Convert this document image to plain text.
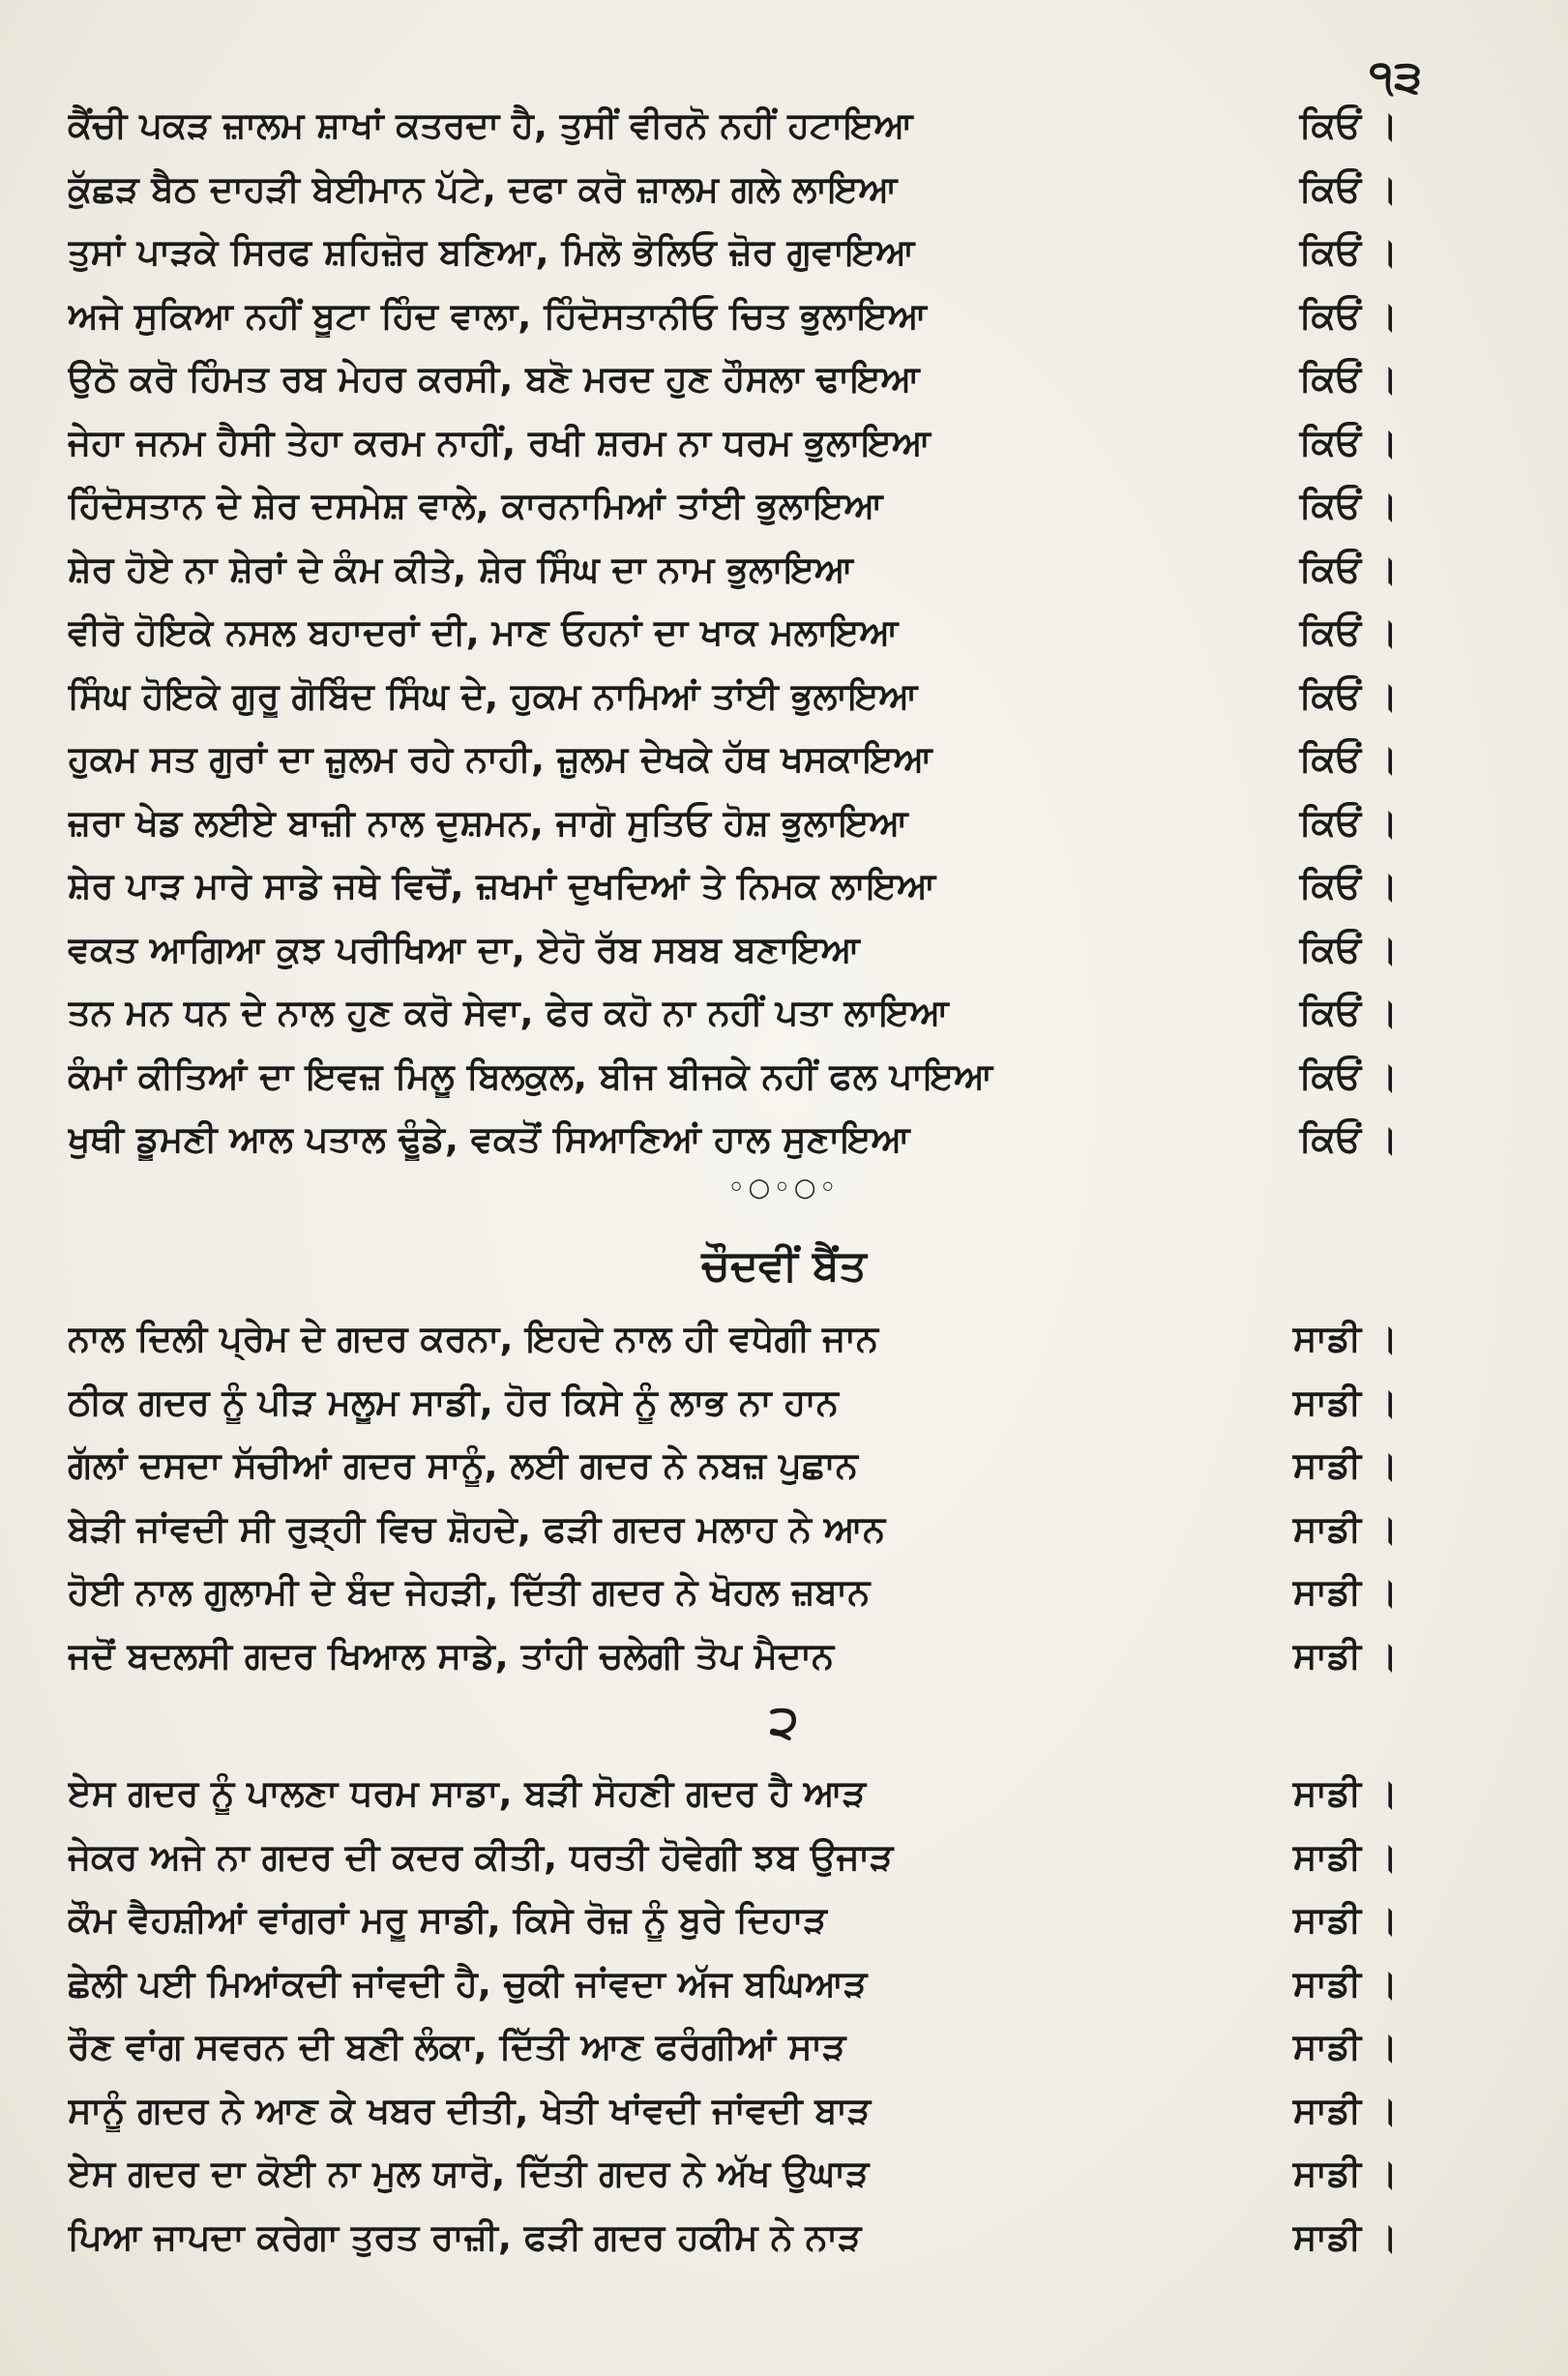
੧੩
ਕੈਂਚੀ ਪਕੜ ਜ਼ਾਲਮ ਸ਼ਾਖਾਂ ਕਤਰਦਾ ਹੈ, ਤੁਸੀਂ ਵੀਰਨੋ ਨਹੀਂ ਹਟਾਇਆ	ਕਿਓਂ ।
ਕੁੱਛੜ ਬੈਠ ਦਾਹੜੀ ਬੇਈਮਾਨ ਪੱਟੇ, ਦਫਾ ਕਰੋ ਜ਼ਾਲਮ ਗਲੇ ਲਾਇਆ	ਕਿਓਂ ।
ਤੁਸਾਂ ਪਾੜਕੇ ਸਿਰਫ ਸ਼ਹਿਜ਼ੋਰ ਬਣਿਆ, ਮਿਲੋ ਭੋਲਿਓ ਜ਼ੋਰ ਗੁਵਾਇਆ	ਕਿਓਂ ।
ਅਜੇ ਸੁਕਿਆ ਨਹੀਂ ਬੂਟਾ ਹਿੰਦ ਵਾਲਾ, ਹਿੰਦੋਸਤਾਨੀਓ ਚਿਤ ਭੁਲਾਇਆ	ਕਿਓਂ ।
ਉਠੋ ਕਰੋ ਹਿੰਮਤ ਰਬ ਮੇਹਰ ਕਰਸੀ, ਬਣੋ ਮਰਦ ਹੁਣ ਹੌਸਲਾ ਢਾਇਆ	ਕਿਓਂ ।
ਜੇਹਾ ਜਨਮ ਹੈਸੀ ਤੇਹਾ ਕਰਮ ਨਾਹੀਂ, ਰਖੀ ਸ਼ਰਮ ਨਾ ਧਰਮ ਭੁਲਾਇਆ	ਕਿਓਂ ।
ਹਿੰਦੋਸਤਾਨ ਦੇ ਸ਼ੇਰ ਦਸਮੇਸ਼ ਵਾਲੇ, ਕਾਰਨਾਮਿਆਂ ਤਾਂਈ ਭੁਲਾਇਆ	ਕਿਓਂ ।
ਸ਼ੇਰ ਹੋਏ ਨਾ ਸ਼ੇਰਾਂ ਦੇ ਕੰਮ ਕੀਤੇ, ਸ਼ੇਰ ਸਿੰਘ ਦਾ ਨਾਮ ਭੁਲਾਇਆ	ਕਿਓਂ ।
ਵੀਰੋ ਹੋਇਕੇ ਨਸਲ ਬਹਾਦਰਾਂ ਦੀ, ਮਾਣ ਓਹਨਾਂ ਦਾ ਖਾਕ ਮਲਾਇਆ	ਕਿਓਂ ।
ਸਿੰਘ ਹੋਇਕੇ ਗੁਰੂ ਗੋਬਿੰਦ ਸਿੰਘ ਦੇ, ਹੁਕਮ ਨਾਮਿਆਂ ਤਾਂਈ ਭੁਲਾਇਆ	ਕਿਓਂ ।
ਹੁਕਮ ਸਤ ਗੁਰਾਂ ਦਾ ਜ਼ੁਲਮ ਰਹੇ ਨਾਹੀ, ਜ਼ੁਲਮ ਦੇਖਕੇ ਹੱਥ ਖਸਕਾਇਆ	ਕਿਓਂ ।
ਜ਼ਰਾ ਖੇਡ ਲਈਏ ਬਾਜ਼ੀ ਨਾਲ ਦੁਸ਼ਮਨ, ਜਾਗੋ ਸੁਤਿਓ ਹੋਸ਼ ਭੁਲਾਇਆ	ਕਿਓਂ ।
ਸ਼ੇਰ ਪਾੜ ਮਾਰੇ ਸਾਡੇ ਜਥੇ ਵਿਚੋਂ, ਜ਼ਖਮਾਂ ਦੁਖਦਿਆਂ ਤੇ ਨਿਮਕ ਲਾਇਆ	ਕਿਓਂ ।
ਵਕਤ ਆਗਿਆ ਕੁਝ ਪਰੀਖਿਆ ਦਾ, ਏਹੋ ਰੱਬ ਸਬਬ ਬਣਾਇਆ	ਕਿਓਂ ।
ਤਨ ਮਨ ਧਨ ਦੇ ਨਾਲ ਹੁਣ ਕਰੋ ਸੇਵਾ, ਫੇਰ ਕਹੋ ਨਾ ਨਹੀਂ ਪਤਾ ਲਾਇਆ	ਕਿਓਂ ।
ਕੰਮਾਂ ਕੀਤਿਆਂ ਦਾ ਇਵਜ਼ ਮਿਲੂ ਬਿਲਕੁਲ, ਬੀਜ ਬੀਜਕੇ ਨਹੀਂ ਫਲ ਪਾਇਆ	ਕਿਓਂ ।
ਖੁਥੀ ਡੂਮਣੀ ਆਲ ਪਤਾਲ ਢੂੰਡੇ, ਵਕਤੋਂ ਸਿਆਣਿਆਂ ਹਾਲ ਸੁਣਾਇਆ	ਕਿਓਂ ।
◦○◦○◦
ਚੌਦਵੀਂ ਬੈਂਤ
ਨਾਲ ਦਿਲੀ ਪ੍ਰੇਮ ਦੇ ਗਦਰ ਕਰਨਾ, ਇਹਦੇ ਨਾਲ ਹੀ ਵਧੇਗੀ ਜਾਨ	ਸਾਡੀ ।
ਠੀਕ ਗਦਰ ਨੂੰ ਪੀੜ ਮਲੂਮ ਸਾਡੀ, ਹੋਰ ਕਿਸੇ ਨੂੰ ਲਾਭ ਨਾ ਹਾਨ	ਸਾਡੀ ।
ਗੱਲਾਂ ਦਸਦਾ ਸੱਚੀਆਂ ਗਦਰ ਸਾਨੂੰ, ਲਈ ਗਦਰ ਨੇ ਨਬਜ਼ ਪੁਛਾਨ	ਸਾਡੀ ।
ਬੇੜੀ ਜਾਂਵਦੀ ਸੀ ਰੁੜ੍ਹੀ ਵਿਚ ਸ਼ੋਹਦੇ, ਫੜੀ ਗਦਰ ਮਲਾਹ ਨੇ ਆਨ	ਸਾਡੀ ।
ਹੋਈ ਨਾਲ ਗੁਲਾਮੀ ਦੇ ਬੰਦ ਜੇਹੜੀ, ਦਿੱਤੀ ਗਦਰ ਨੇ ਖੋਹਲ ਜ਼ਬਾਨ	ਸਾਡੀ ।
ਜਦੋਂ ਬਦਲਸੀ ਗਦਰ ਖਿਆਲ ਸਾਡੇ, ਤਾਂਹੀ ਚਲੇਗੀ ਤੋਪ ਮੈਦਾਨ	ਸਾਡੀ ।
੨
ਏਸ ਗਦਰ ਨੂੰ ਪਾਲਣਾ ਧਰਮ ਸਾਡਾ, ਬੜੀ ਸੋਹਣੀ ਗਦਰ ਹੈ ਆੜ	ਸਾਡੀ ।
ਜੇਕਰ ਅਜੇ ਨਾ ਗਦਰ ਦੀ ਕਦਰ ਕੀਤੀ, ਧਰਤੀ ਹੋਵੇਗੀ ਝਬ ਉਜਾੜ	ਸਾਡੀ ।
ਕੌਮ ਵੈਹਸ਼ੀਆਂ ਵਾਂਗਰਾਂ ਮਰੂ ਸਾਡੀ, ਕਿਸੇ ਰੋਜ਼ ਨੂੰ ਬੁਰੇ ਦਿਹਾੜ	ਸਾਡੀ ।
ਛੇਲੀ ਪਈ ਮਿਆਂਕਦੀ ਜਾਂਵਦੀ ਹੈ, ਚੁਕੀ ਜਾਂਵਦਾ ਅੱਜ ਬਘਿਆੜ	ਸਾਡੀ ।
ਰੌਣ ਵਾਂਗ ਸਵਰਨ ਦੀ ਬਣੀ ਲੰਕਾ, ਦਿੱਤੀ ਆਣ ਫਰੰਗੀਆਂ ਸਾੜ	ਸਾਡੀ ।
ਸਾਨੂੰ ਗਦਰ ਨੇ ਆਣ ਕੇ ਖਬਰ ਦੀਤੀ, ਖੇਤੀ ਖਾਂਵਦੀ ਜਾਂਵਦੀ ਬਾੜ	ਸਾਡੀ ।
ਏਸ ਗਦਰ ਦਾ ਕੋਈ ਨਾ ਮੁਲ ਯਾਰੋ, ਦਿੱਤੀ ਗਦਰ ਨੇ ਅੱਖ ਉਘਾੜ	ਸਾਡੀ ।
ਪਿਆ ਜਾਪਦਾ ਕਰੇਗਾ ਤੁਰਤ ਰਾਜ਼ੀ, ਫੜੀ ਗਦਰ ਹਕੀਮ ਨੇ ਨਾੜ	ਸਾਡੀ ।
